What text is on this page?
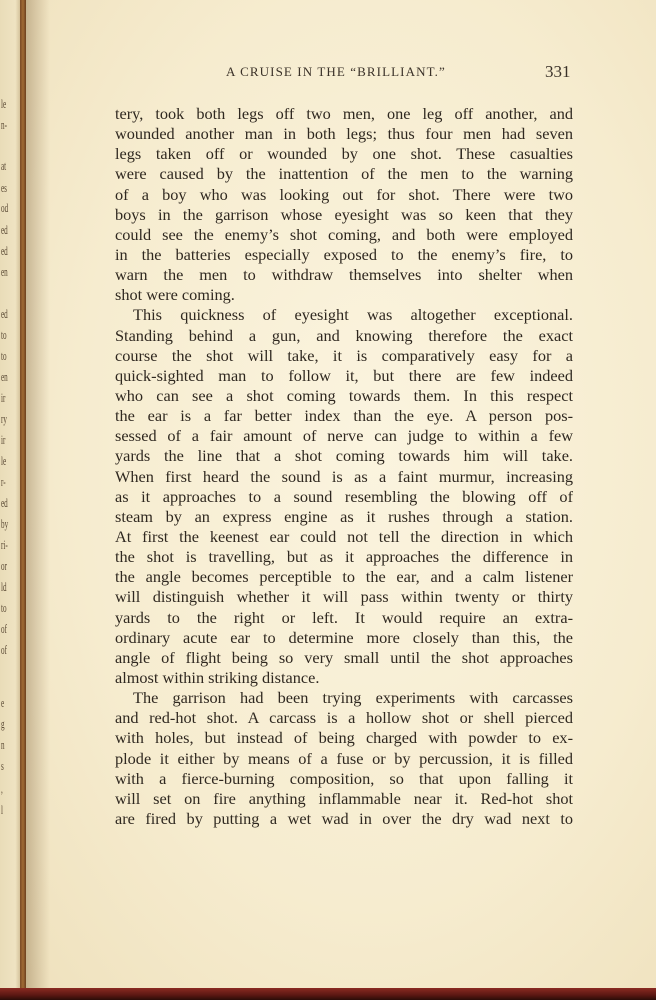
le
n-
at
es
od
ed
ed
en
ed
to
to
en
ir
ry
ir
le
r-
ed
by
ri-
or
ld
to
of
of
e
g
n
s
,
l
A CRUISE IN THE “BRILLIANT.”	331
tery, took both legs off two men, one leg off another, and
wounded another man in both legs; thus four men had seven
legs taken off or wounded by one shot. These casualties
were caused by the inattention of the men to the warning
of a boy who was looking out for shot. There were two
boys in the garrison whose eyesight was so keen that they
could see the enemy’s shot coming, and both were employed
in the batteries especially exposed to the enemy’s fire, to
warn the men to withdraw themselves into shelter when
shot were coming.
This quickness of eyesight was altogether exceptional.
Standing behind a gun, and knowing therefore the exact
course the shot will take, it is comparatively easy for a
quick-sighted man to follow it, but there are few indeed
who can see a shot coming towards them. In this respect
the ear is a far better index than the eye. A person pos-
sessed of a fair amount of nerve can judge to within a few
yards the line that a shot coming towards him will take.
When first heard the sound is as a faint murmur, increasing
as it approaches to a sound resembling the blowing off of
steam by an express engine as it rushes through a station.
At first the keenest ear could not tell the direction in which
the shot is travelling, but as it approaches the difference in
the angle becomes perceptible to the ear, and a calm listener
will distinguish whether it will pass within twenty or thirty
yards to the right or left. It would require an extra-
ordinary acute ear to determine more closely than this, the
angle of flight being so very small until the shot approaches
almost within striking distance.
The garrison had been trying experiments with carcasses
and red-hot shot. A carcass is a hollow shot or shell pierced
with holes, but instead of being charged with powder to ex-
plode it either by means of a fuse or by percussion, it is filled
with a fierce-burning composition, so that upon falling it
will set on fire anything inflammable near it. Red-hot shot
are fired by putting a wet wad in over the dry wad next to
